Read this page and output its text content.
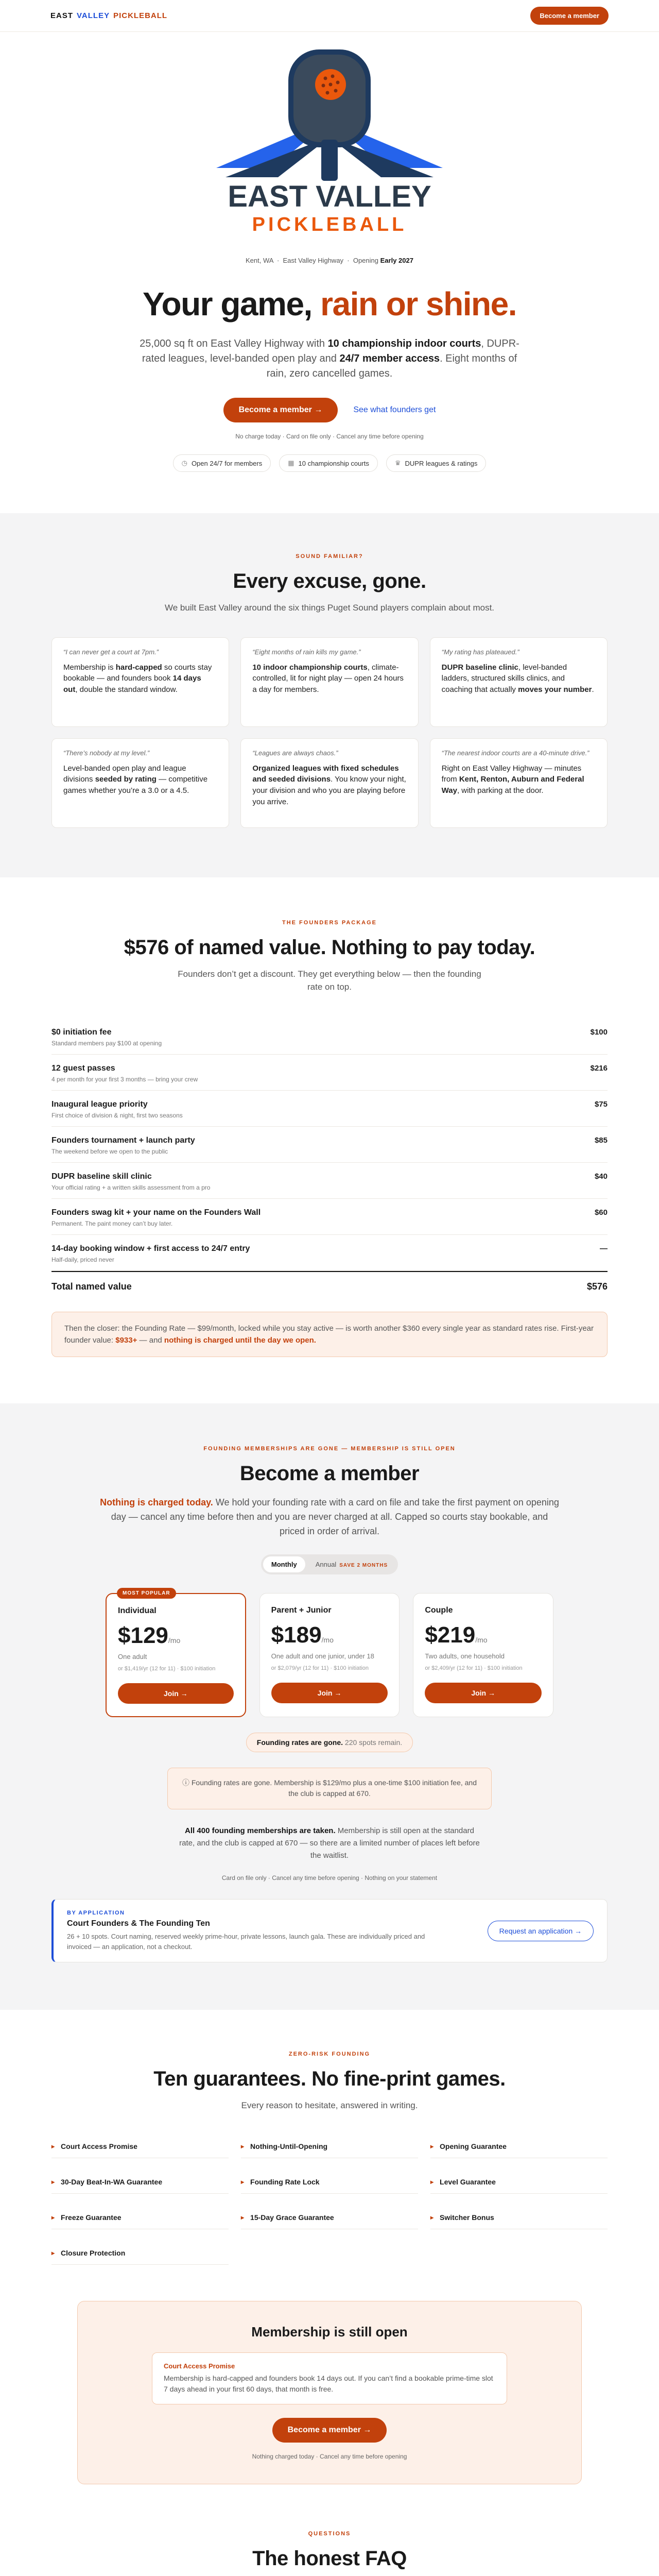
EAST VALLEY PICKLEBALL	Become a member
EAST VALLEY
PICKLEBALL
Kent, WA  ·  East Valley Highway  ·  Opening Early 2027
Your game, rain or shine.

25,000 sq ft on East Valley Highway with 10 championship indoor courts, DUPR-rated leagues, level-banded open play and 24/7 member access. Eight months of rain, zero cancelled games.

Become a member →	See what founders get
No charge today · Card on file only · Cancel any time before opening
◷ Open 24/7 for members	▦ 10 championship courts	♛ DUPR leagues & ratings
SOUND FAMILIAR?
Every excuse, gone.

We built East Valley around the six things Puget Sound players complain about most.

“I can never get a court at 7pm.”
Membership is hard-capped so courts stay bookable — and founders book 14 days out, double the standard window.
“Eight months of rain kills my game.”
10 indoor championship courts, climate-controlled, lit for night play — open 24 hours a day for members.
“My rating has plateaued.”
DUPR baseline clinic, level-banded ladders, structured skills clinics, and coaching that actually moves your number.
“There’s nobody at my level.”
Level-banded open play and league divisions seeded by rating — competitive games whether you’re a 3.0 or a 4.5.
“Leagues are always chaos.”
Organized leagues with fixed schedules and seeded divisions. You know your night, your division and who you are playing before you arrive.
“The nearest indoor courts are a 40-minute drive.”
Right on East Valley Highway — minutes from Kent, Renton, Auburn and Federal Way, with parking at the door.
THE FOUNDERS PACKAGE
$576 of named value. Nothing to pay today.

Founders don’t get a discount. They get everything below — then the founding rate on top.

$0 initiation fee
Standard members pay $100 at opening
$100
12 guest passes
4 per month for your first 3 months — bring your crew
$216
Inaugural league priority
First choice of division & night, first two seasons
$75
Founders tournament + launch party
The weekend before we open to the public
$85
DUPR baseline skill clinic
Your official rating + a written skills assessment from a pro
$40
Founders swag kit + your name on the Founders Wall
Permanent. The paint money can’t buy later.
$60
14-day booking window + first access to 24/7 entry
Half-daily, priced never
—
Total named value	$576
Then the closer: the Founding Rate — $99/month, locked while you stay active — is worth another $360 every single year as standard rates rise. First-year founder value: $933+ — and nothing is charged until the day we open.
FOUNDING MEMBERSHIPS ARE GONE — MEMBERSHIP IS STILL OPEN
Become a member

Nothing is charged today. We hold your founding rate with a card on file and take the first payment on opening day — cancel any time before then and you are never charged at all. Capped so courts stay bookable, and priced in order of arrival.

Monthly	Annual SAVE 2 MONTHS
MOST POPULAR
Individual
$129/mo
One adult
or $1,419/yr (12 for 11) · $100 initiation
Join →
Parent + Junior
$189/mo
One adult and one junior, under 18
or $2,079/yr (12 for 11) · $100 initiation
Join →
Couple
$219/mo
Two adults, one household
or $2,409/yr (12 for 11) · $100 initiation
Join →
Founding rates are gone. 220 spots remain.
ⓘ Founding rates are gone. Membership is $129/mo plus a one-time $100 initiation fee, and the club is capped at 670.

All 400 founding memberships are taken. Membership is still open at the standard rate, and the club is capped at 670 — so there are a limited number of places left before the waitlist.

Card on file only · Cancel any time before opening · Nothing on your statement
BY APPLICATION
Court Founders & The Founding Ten
26 + 10 spots. Court naming, reserved weekly prime-hour, private lessons, launch gala. These are individually priced and invoiced — an application, not a checkout.
Request an application →
ZERO-RISK FOUNDING
Ten guarantees. No fine-print games.

Every reason to hesitate, answered in writing.

▸ Court Access Promise	▸ Nothing-Until-Opening	▸ Opening Guarantee
▸ 30-Day Beat-In-WA Guarantee	▸ Founding Rate Lock	▸ Level Guarantee
▸ Freeze Guarantee	▸ 15-Day Grace Guarantee	▸ Switcher Bonus
▸ Closure Protection
Membership is still open
Court Access Promise
Membership is hard-capped and founders book 14 days out. If you can’t find a bookable prime-time slot 7 days ahead in your first 60 days, that month is free.
Become a member →
Nothing charged today · Cancel any time before opening
QUESTIONS
The honest FAQ
